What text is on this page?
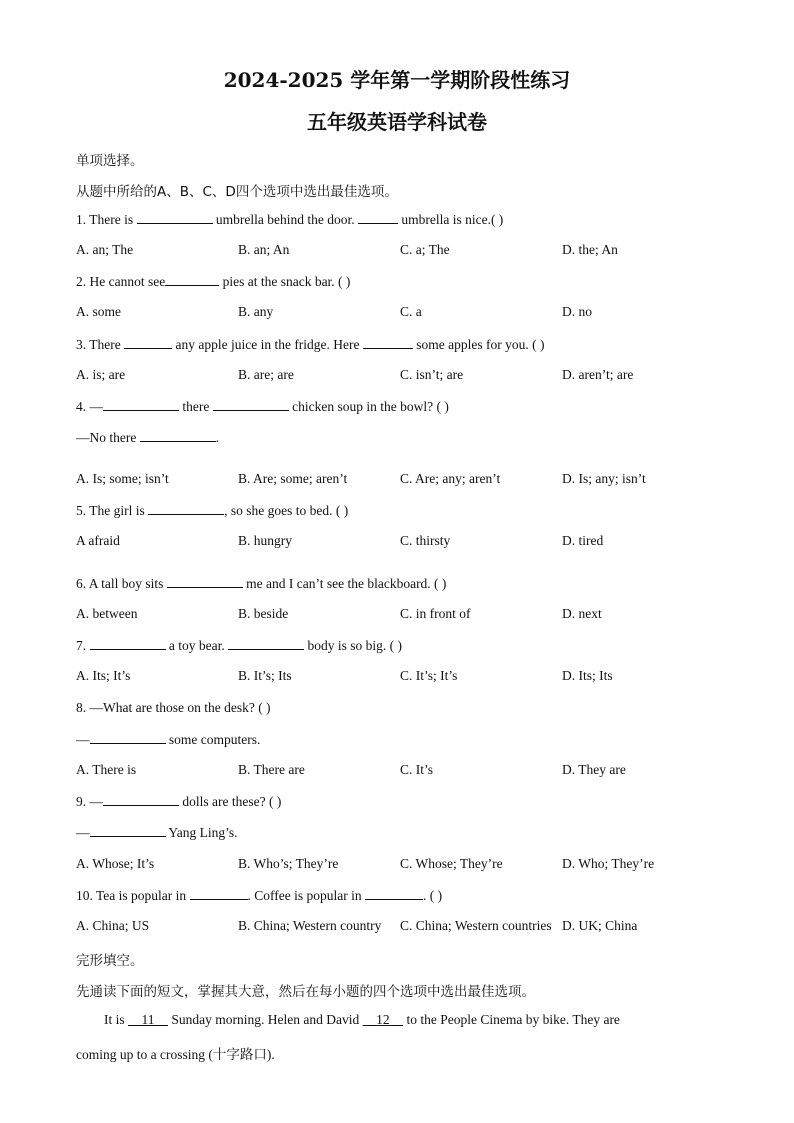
2024-2025 学年第一学期阶段性练习
五年级英语学科试卷
单项选择。
从题中所给的A、B、C、D四个选项中选出最佳选项。
1. There is	umbrella behind the door.	umbrella is nice.( )
A. an; The	B. an; An	C. a; The	D. the; An
2. He cannot see	pies at the snack bar. ( )
A. some	B. any	C. a	D. no
3. There	any apple juice in the fridge. Here	some apples for you. ( )
A. is; are	B. are; are	C. isn’t; are	D. aren’t; are
4. —	there	chicken soup in the bowl? ( )
—No there	.
A. Is; some; isn’t	B. Are; some; aren’t	C. Are; any; aren’t	D. Is; any; isn’t
5. The girl is	, so she goes to bed. ( )
A afraid	B. hungry	C. thirsty	D. tired
6. A tall boy sits	me and I can’t see the blackboard. ( )
A. between	B. beside	C. in front of	D. next
7.	a toy bear.	body is so big. ( )
A. Its; It’s	B. It’s; Its	C. It’s; It’s	D. Its; Its
8. —What are those on the desk? ( )
—	some computers.
A. There is	B. There are	C. It’s	D. They are
9. —	dolls are these? ( )
—	Yang Ling’s.
A. Whose; It’s	B. Who’s; They’re	C. Whose; They’re	D. Who; They’re
10. Tea is popular in	. Coffee is popular in	. ( )
A. China; US	B. China; Western country C. China; Western countries D. UK; China
完形填空。
先通读下面的短文，掌握其大意，然后在每小题的四个选项中选出最佳选项。
It is     11     Sunday morning. Helen and David     12     to the People Cinema by bike. They are
coming up to a crossing (十字路口).
